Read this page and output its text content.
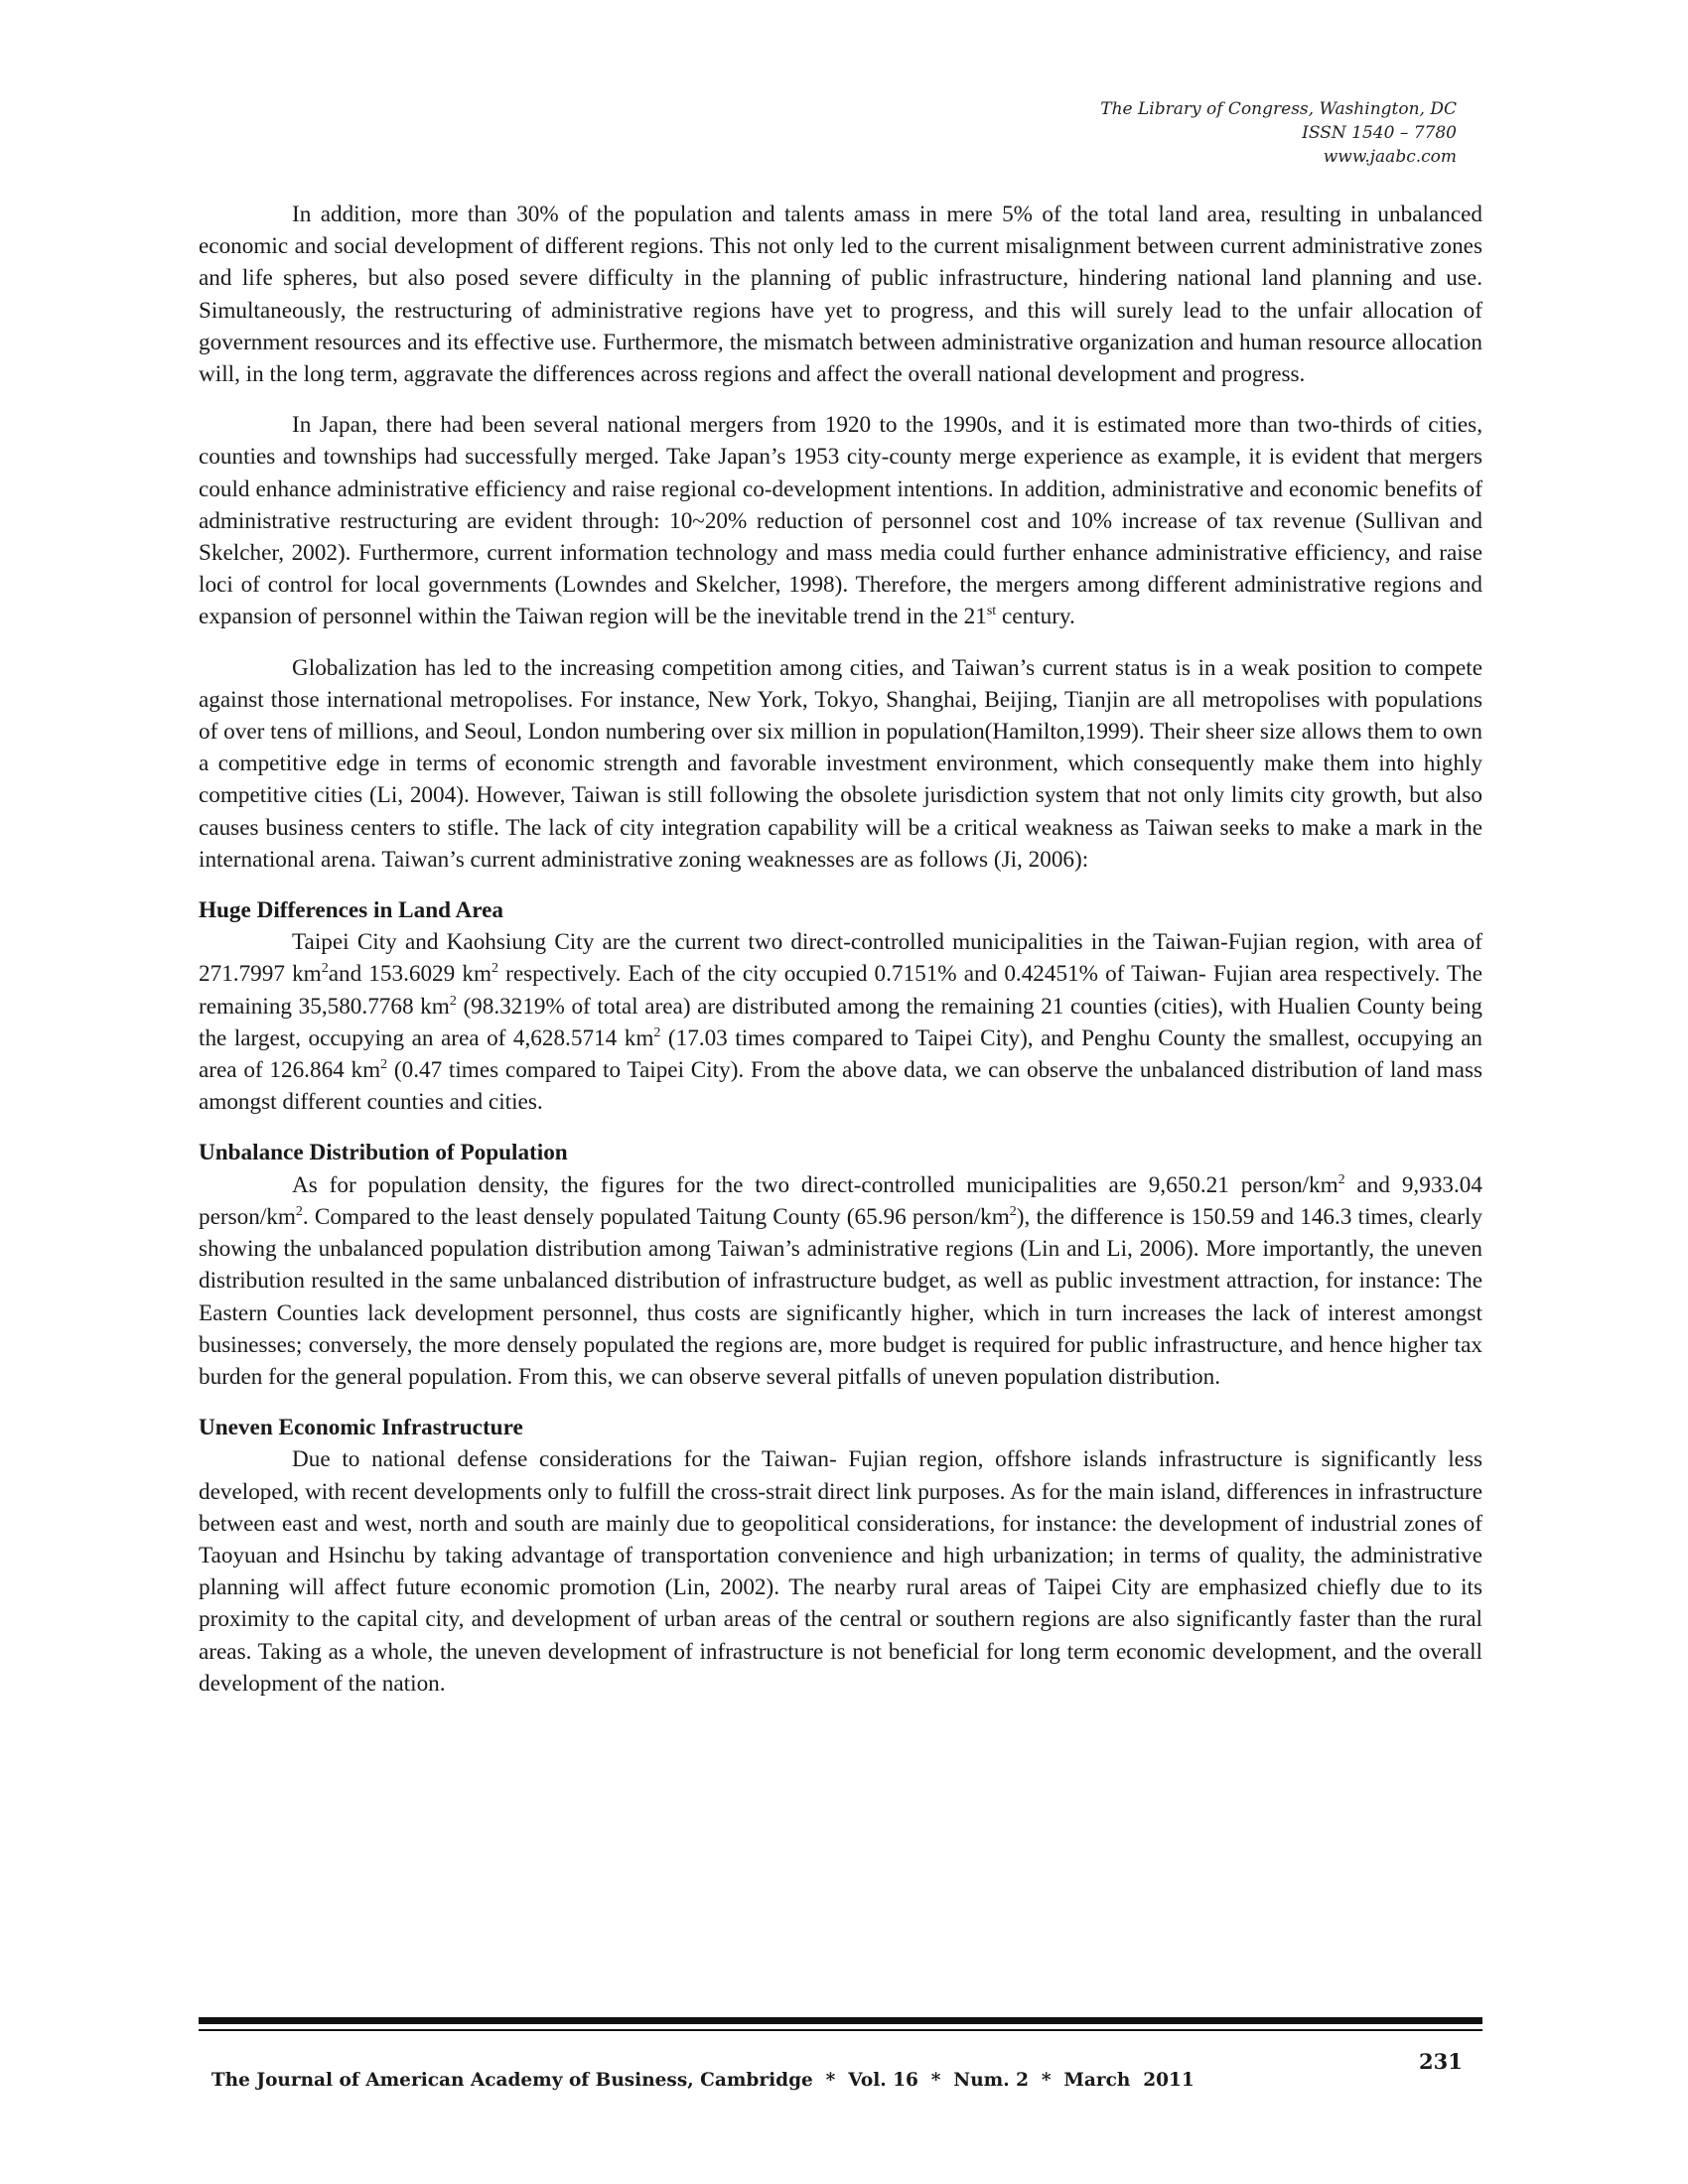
The Library of Congress, Washington, DC
ISSN 1540 – 7780
www.jaabc.com

In addition, more than 30% of the population and talents amass in mere 5% of the total land area, resulting in unbalanced economic and social development of different regions. This not only led to the current misalignment between current administrative zones and life spheres, but also posed severe difficulty in the planning of public infrastructure, hindering national land planning and use. Simultaneously, the restructuring of administrative regions have yet to progress, and this will surely lead to the unfair allocation of government resources and its effective use. Furthermore, the mismatch between administrative organization and human resource allocation will, in the long term, aggravate the differences across regions and affect the overall national development and progress.

In Japan, there had been several national mergers from 1920 to the 1990s, and it is estimated more than two-thirds of cities, counties and townships had successfully merged. Take Japan’s 1953 city-county merge experience as example, it is evident that mergers could enhance administrative efficiency and raise regional co-development intentions. In addition, administrative and economic benefits of administrative restructuring are evident through: 10~20% reduction of personnel cost and 10% increase of tax revenue (Sullivan and Skelcher, 2002). Furthermore, current information technology and mass media could further enhance administrative efficiency, and raise loci of control for local governments (Lowndes and Skelcher, 1998). Therefore, the mergers among different administrative regions and expansion of personnel within the Taiwan region will be the inevitable trend in the 21st century.

Globalization has led to the increasing competition among cities, and Taiwan’s current status is in a weak position to compete against those international metropolises. For instance, New York, Tokyo, Shanghai, Beijing, Tianjin are all metropolises with populations of over tens of millions, and Seoul, London numbering over six million in population(Hamilton,1999). Their sheer size allows them to own a competitive edge in terms of economic strength and favorable investment environment, which consequently make them into highly competitive cities (Li, 2004). However, Taiwan is still following the obsolete jurisdiction system that not only limits city growth, but also causes business centers to stifle. The lack of city integration capability will be a critical weakness as Taiwan seeks to make a mark in the international arena. Taiwan’s current administrative zoning weaknesses are as follows (Ji, 2006):

Huge Differences in Land Area

Taipei City and Kaohsiung City are the current two direct-controlled municipalities in the Taiwan-Fujian region, with area of 271.7997 $km^2and$ 153.6029 $km^2$ respectively. Each of the city occupied 0.7151% and 0.42451% of Taiwan- Fujian area respectively. The remaining 35,580.7768 $km^2$ (98.3219% of total area) are distributed among the remaining 21 counties (cities), with Hualien County being the largest, occupying an area of 4,628.5714 $km^2$ (17.03 times compared to Taipei City), and Penghu County the smallest, occupying an area of 126.864 $km^2$ (0.47 times compared to Taipei City). From the above data, we can observe the unbalanced distribution of land mass amongst different counties and cities.

Unbalance Distribution of Population

As for population density, the figures for the two direct-controlled municipalities are 9,650.21 person/$km^2$ and 9,933.04 person/$km^2$. Compared to the least densely populated Taitung County (65.96 person/$km^2$), the difference is 150.59 and 146.3 times, clearly showing the unbalanced population distribution among Taiwan’s administrative regions (Lin and Li, 2006). More importantly, the uneven distribution resulted in the same unbalanced distribution of infrastructure budget, as well as public investment attraction, for instance: The Eastern Counties lack development personnel, thus costs are significantly higher, which in turn increases the lack of interest amongst businesses; conversely, the more densely populated the regions are, more budget is required for public infrastructure, and hence higher tax burden for the general population. From this, we can observe several pitfalls of uneven population distribution.

Uneven Economic Infrastructure

Due to national defense considerations for the Taiwan- Fujian region, offshore islands infrastructure is significantly less developed, with recent developments only to fulfill the cross-strait direct link purposes. As for the main island, differences in infrastructure between east and west, north and south are mainly due to geopolitical considerations, for instance: the development of industrial zones of Taoyuan and Hsinchu by taking advantage of transportation convenience and high urbanization; in terms of quality, the administrative planning will affect future economic promotion (Lin, 2002). The nearby rural areas of Taipei City are emphasized chiefly due to its proximity to the capital city, and development of urban areas of the central or southern regions are also significantly faster than the rural areas. Taking as a whole, the uneven development of infrastructure is not beneficial for long term economic development, and the overall development of the nation.

The Journal of American Academy of Business, Cambridge  *  Vol. 16  *  Num. 2  *  March  2011

231
